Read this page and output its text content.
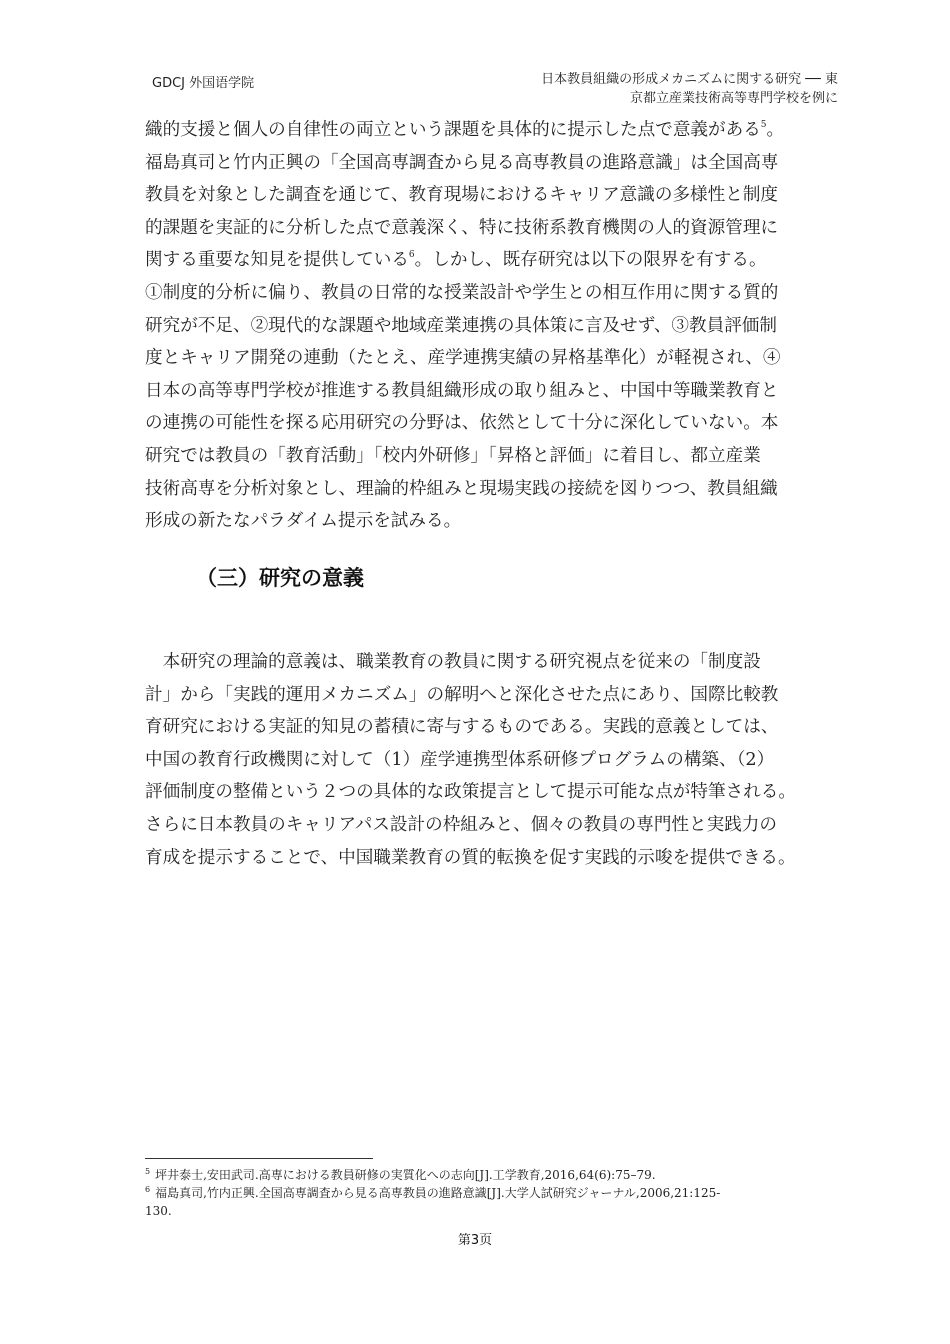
GDCJ 外国语学院	日本教員組織の形成メカニズムに関する研究 ── 東
京都立産業技術高等専門学校を例に
織的支援と個人の自律性の両立という課題を具体的に提示した点で意義がある$^5$。
福島真司と竹内正興の「全国高専調査から見る高専教員の進路意識」は全国高専
教員を対象とした調査を通じて、教育現場におけるキャリア意識の多様性と制度
的課題を実証的に分析した点で意義深く、特に技術系教育機関の人的資源管理に
関する重要な知見を提供している$^6$。しかし、既存研究は以下の限界を有する。
①制度的分析に偏り、教員の日常的な授業設計や学生との相互作用に関する質的
研究が不足、②現代的な課題や地域産業連携の具体策に言及せず、③教員評価制
度とキャリア開発の連動（たとえ、産学連携実績の昇格基準化）が軽視され、④
日本の高等専門学校が推進する教員組織形成の取り組みと、中国中等職業教育と
の連携の可能性を探る応用研究の分野は、依然として十分に深化していない。本
研究では教員の「教育活動」「校内外研修」「昇格と評価」に着目し、都立産業
技術高専を分析対象とし、理論的枠組みと現場実践の接続を図りつつ、教員組織
形成の新たなパラダイム提示を試みる。
（三）研究の意義
　本研究の理論的意義は、職業教育の教員に関する研究視点を従来の「制度設
計」から「実践的運用メカニズム」の解明へと深化させた点にあり、国際比較教
育研究における実証的知見の蓄積に寄与するものである。実践的意義としては、
中国の教育行政機関に対して（1）産学連携型体系研修プログラムの構築、（2）
評価制度の整備という２つの具体的な政策提言として提示可能な点が特筆される。
さらに日本教員のキャリアパス設計の枠組みと、個々の教員の専門性と実践力の
育成を提示することで、中国職業教育の質的転換を促す実践的示唆を提供できる。
$^5$ 坪井泰士,安田武司.高専における教員研修の実質化への志向[J].工学教育,2016,64(6):75–79.
$^6$ 福島真司,竹内正興.全国高専調査から見る高専教員の進路意識[J].大学人試研究ジャーナル,2006,21:125-
130.
第3页
